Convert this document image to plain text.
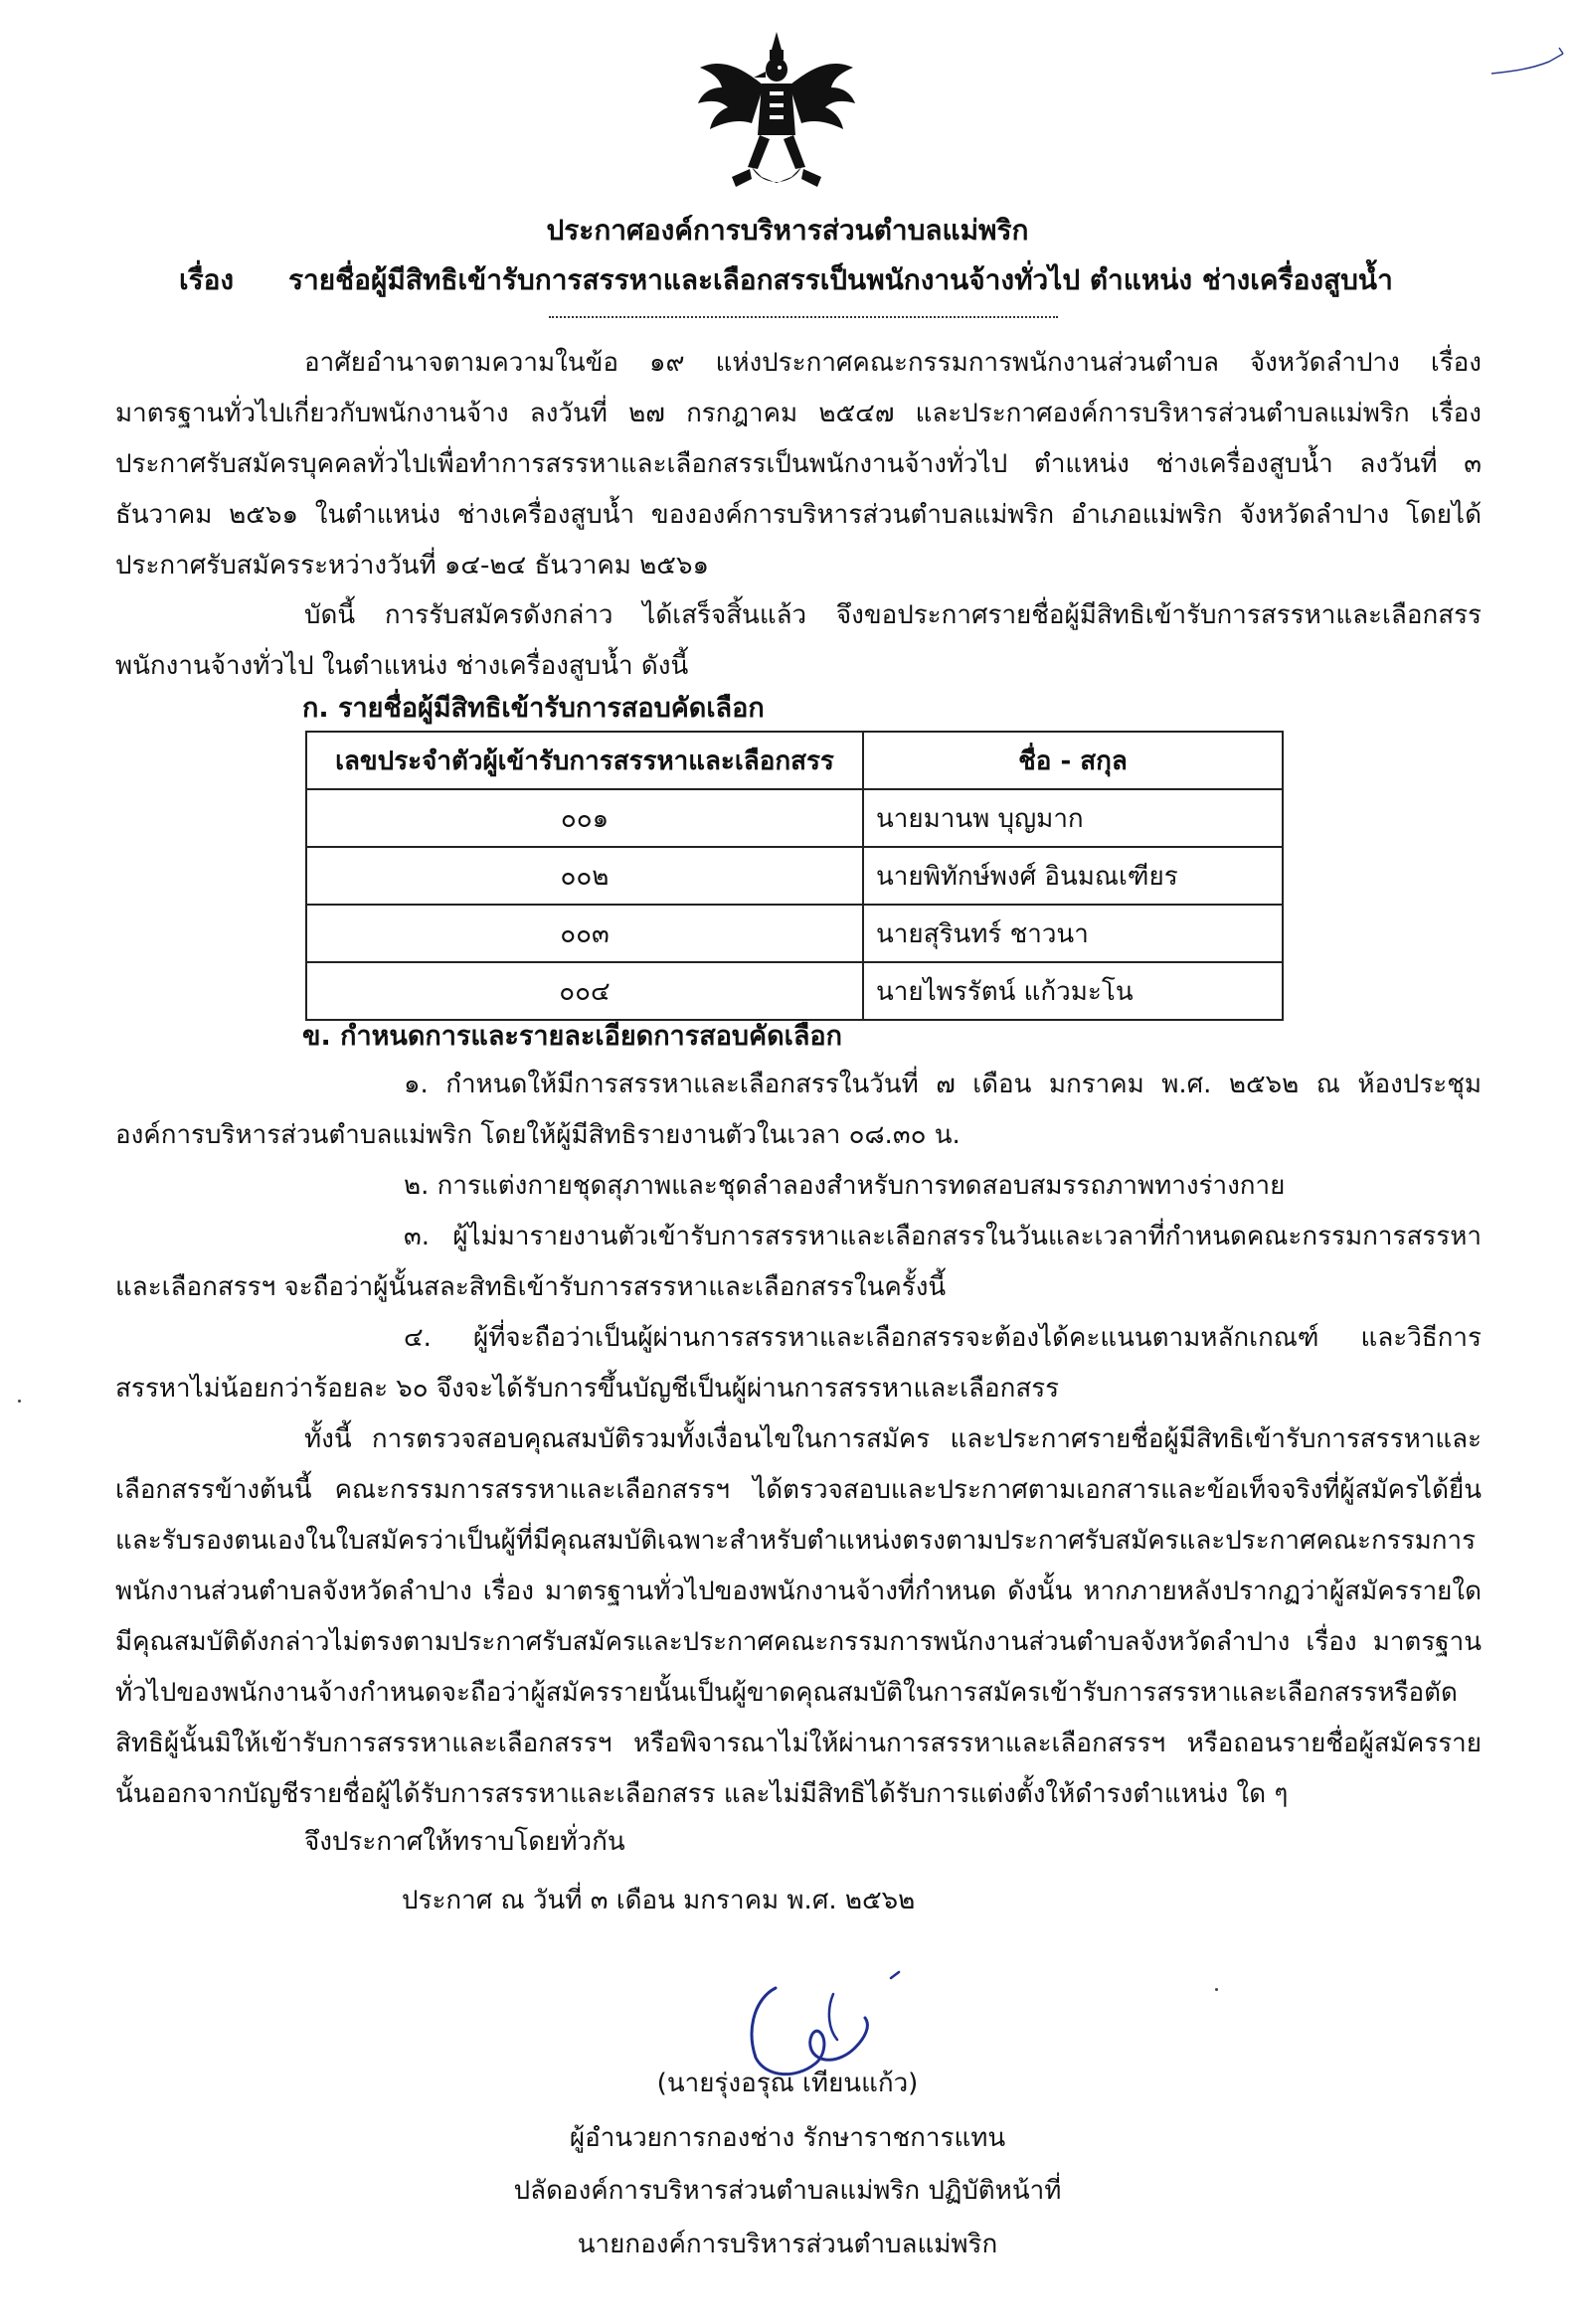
ประกาศองค์การบริหารส่วนตำบลแม่พริก
เรื่อง รายชื่อผู้มีสิทธิเข้ารับการสรรหาและเลือกสรรเป็นพนักงานจ้างทั่วไป ตำแหน่ง ช่างเครื่องสูบน้ำ

อาศัยอำนาจตามความในข้อ ๑๙ แห่งประกาศคณะกรรมการพนักงานส่วนตำบล จังหวัดลำปาง เรื่อง มาตรฐานทั่วไปเกี่ยวกับพนักงานจ้าง ลงวันที่ ๒๗ กรกฎาคม ๒๕๔๗ และประกาศองค์การบริหารส่วนตำบลแม่พริก เรื่องประกาศรับสมัครบุคคลทั่วไปเพื่อทำการสรรหาและเลือกสรรเป็นพนักงานจ้างทั่วไป ตำแหน่ง ช่างเครื่องสูบน้ำ ลงวันที่ ๓ ธันวาคม ๒๕๖๑ ในตำแหน่ง ช่างเครื่องสูบน้ำ ขององค์การบริหารส่วนตำบลแม่พริก อำเภอแม่พริก จังหวัดลำปาง โดยได้ประกาศรับสมัครระหว่างวันที่ ๑๔-๒๔ ธันวาคม ๒๕๖๑

บัดนี้ การรับสมัครดังกล่าว ได้เสร็จสิ้นแล้ว จึงขอประกาศรายชื่อผู้มีสิทธิเข้ารับการสรรหาและเลือกสรรพนักงานจ้างทั่วไป ในตำแหน่ง ช่างเครื่องสูบน้ำ ดังนี้

ก. รายชื่อผู้มีสิทธิเข้ารับการสอบคัดเลือก
เลขประจำตัวผู้เข้ารับการสรรหาและเลือกสรร	ชื่อ - สกุล
๐๐๑	นายมานพ บุญมาก
๐๐๒	นายพิทักษ์พงศ์ อินมณเฑียร
๐๐๓	นายสุรินทร์ ชาวนา
๐๐๔	นายไพรรัตน์ แก้วมะโน
ข. กำหนดการและรายละเอียดการสอบคัดเลือก

๑. กำหนดให้มีการสรรหาและเลือกสรรในวันที่ ๗ เดือน มกราคม พ.ศ. ๒๕๖๒ ณ ห้องประชุมองค์การบริหารส่วนตำบลแม่พริก โดยให้ผู้มีสิทธิรายงานตัวในเวลา ๐๘.๓๐ น.

๒. การแต่งกายชุดสุภาพและชุดลำลองสำหรับการทดสอบสมรรถภาพทางร่างกาย

๓. ผู้ไม่มารายงานตัวเข้ารับการสรรหาและเลือกสรรในวันและเวลาที่กำหนดคณะกรรมการสรรหาและเลือกสรรฯ จะถือว่าผู้นั้นสละสิทธิเข้ารับการสรรหาและเลือกสรรในครั้งนี้

๔. ผู้ที่จะถือว่าเป็นผู้ผ่านการสรรหาและเลือกสรรจะต้องได้คะแนนตามหลักเกณฑ์ และวิธีการสรรหาไม่น้อยกว่าร้อยละ ๖๐ จึงจะได้รับการขึ้นบัญชีเป็นผู้ผ่านการสรรหาและเลือกสรร

ทั้งนี้ การตรวจสอบคุณสมบัติรวมทั้งเงื่อนไขในการสมัคร และประกาศรายชื่อผู้มีสิทธิเข้ารับการสรรหาและเลือกสรรข้างต้นนี้ คณะกรรมการสรรหาและเลือกสรรฯ ได้ตรวจสอบและประกาศตามเอกสารและข้อเท็จจริงที่ผู้สมัครได้ยื่นและรับรองตนเองในใบสมัครว่าเป็นผู้ที่มีคุณสมบัติเฉพาะสำหรับตำแหน่งตรงตามประกาศรับสมัครและประกาศคณะกรรมการพนักงานส่วนตำบลจังหวัดลำปาง เรื่อง มาตรฐานทั่วไปของพนักงานจ้างที่กำหนด ดังนั้น หากภายหลังปรากฏว่าผู้สมัครรายใดมีคุณสมบัติดังกล่าวไม่ตรงตามประกาศรับสมัครและประกาศคณะกรรมการพนักงานส่วนตำบลจังหวัดลำปาง เรื่อง มาตรฐานทั่วไปของพนักงานจ้างกำหนดจะถือว่าผู้สมัครรายนั้นเป็นผู้ขาดคุณสมบัติในการสมัครเข้ารับการสรรหาและเลือกสรรหรือตัดสิทธิผู้นั้นมิให้เข้ารับการสรรหาและเลือกสรรฯ หรือพิจารณาไม่ให้ผ่านการสรรหาและเลือกสรรฯ หรือถอนรายชื่อผู้สมัครรายนั้นออกจากบัญชีรายชื่อผู้ได้รับการสรรหาและเลือกสรร และไม่มีสิทธิได้รับการแต่งตั้งให้ดำรงตำแหน่ง ใด ๆ

จึงประกาศให้ทราบโดยทั่วกัน
ประกาศ ณ วันที่ ๓ เดือน มกราคม พ.ศ. ๒๕๖๒
(นายรุ่งอรุณ เทียนแก้ว)
ผู้อำนวยการกองช่าง รักษาราชการแทน
ปลัดองค์การบริหารส่วนตำบลแม่พริก ปฏิบัติหน้าที่
นายกองค์การบริหารส่วนตำบลแม่พริก
